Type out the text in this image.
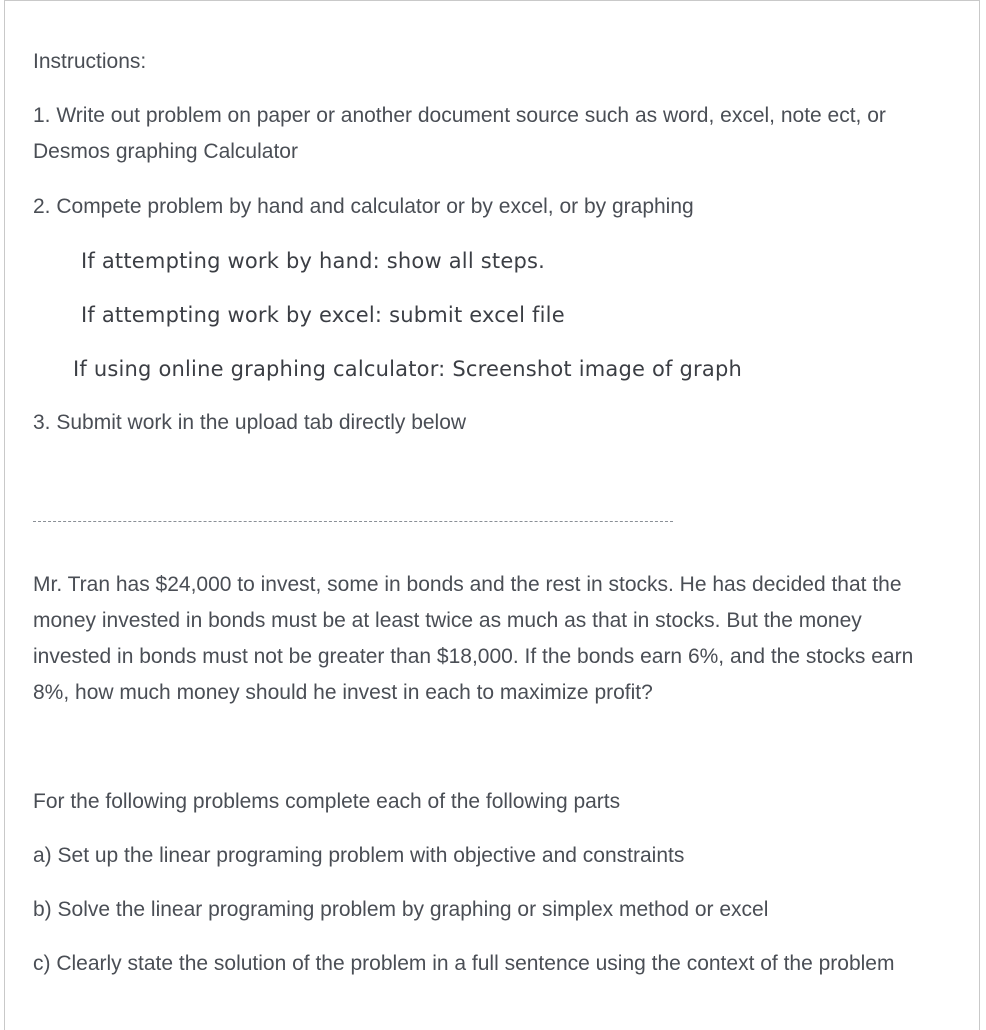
Instructions:
1. Write out problem on paper or another document source such as word, excel, note ect, or Desmos graphing Calculator
2. Compete problem by hand and calculator or by excel, or by graphing
If attempting work by hand: show all steps.
If attempting work by excel: submit excel file
If using online graphing calculator: Screenshot image of graph
3. Submit work in the upload tab directly below
Mr. Tran has $24,000 to invest, some in bonds and the rest in stocks. He has decided that the money invested in bonds must be at least twice as much as that in stocks. But the money invested in bonds must not be greater than $18,000. If the bonds earn 6%, and the stocks earn 8%, how much money should he invest in each to maximize profit?
For the following problems complete each of the following parts
a) Set up the linear programing problem with objective and constraints
b) Solve the linear programing problem by graphing or simplex method or excel
c) Clearly state the solution of the problem in a full sentence using the context of the problem
